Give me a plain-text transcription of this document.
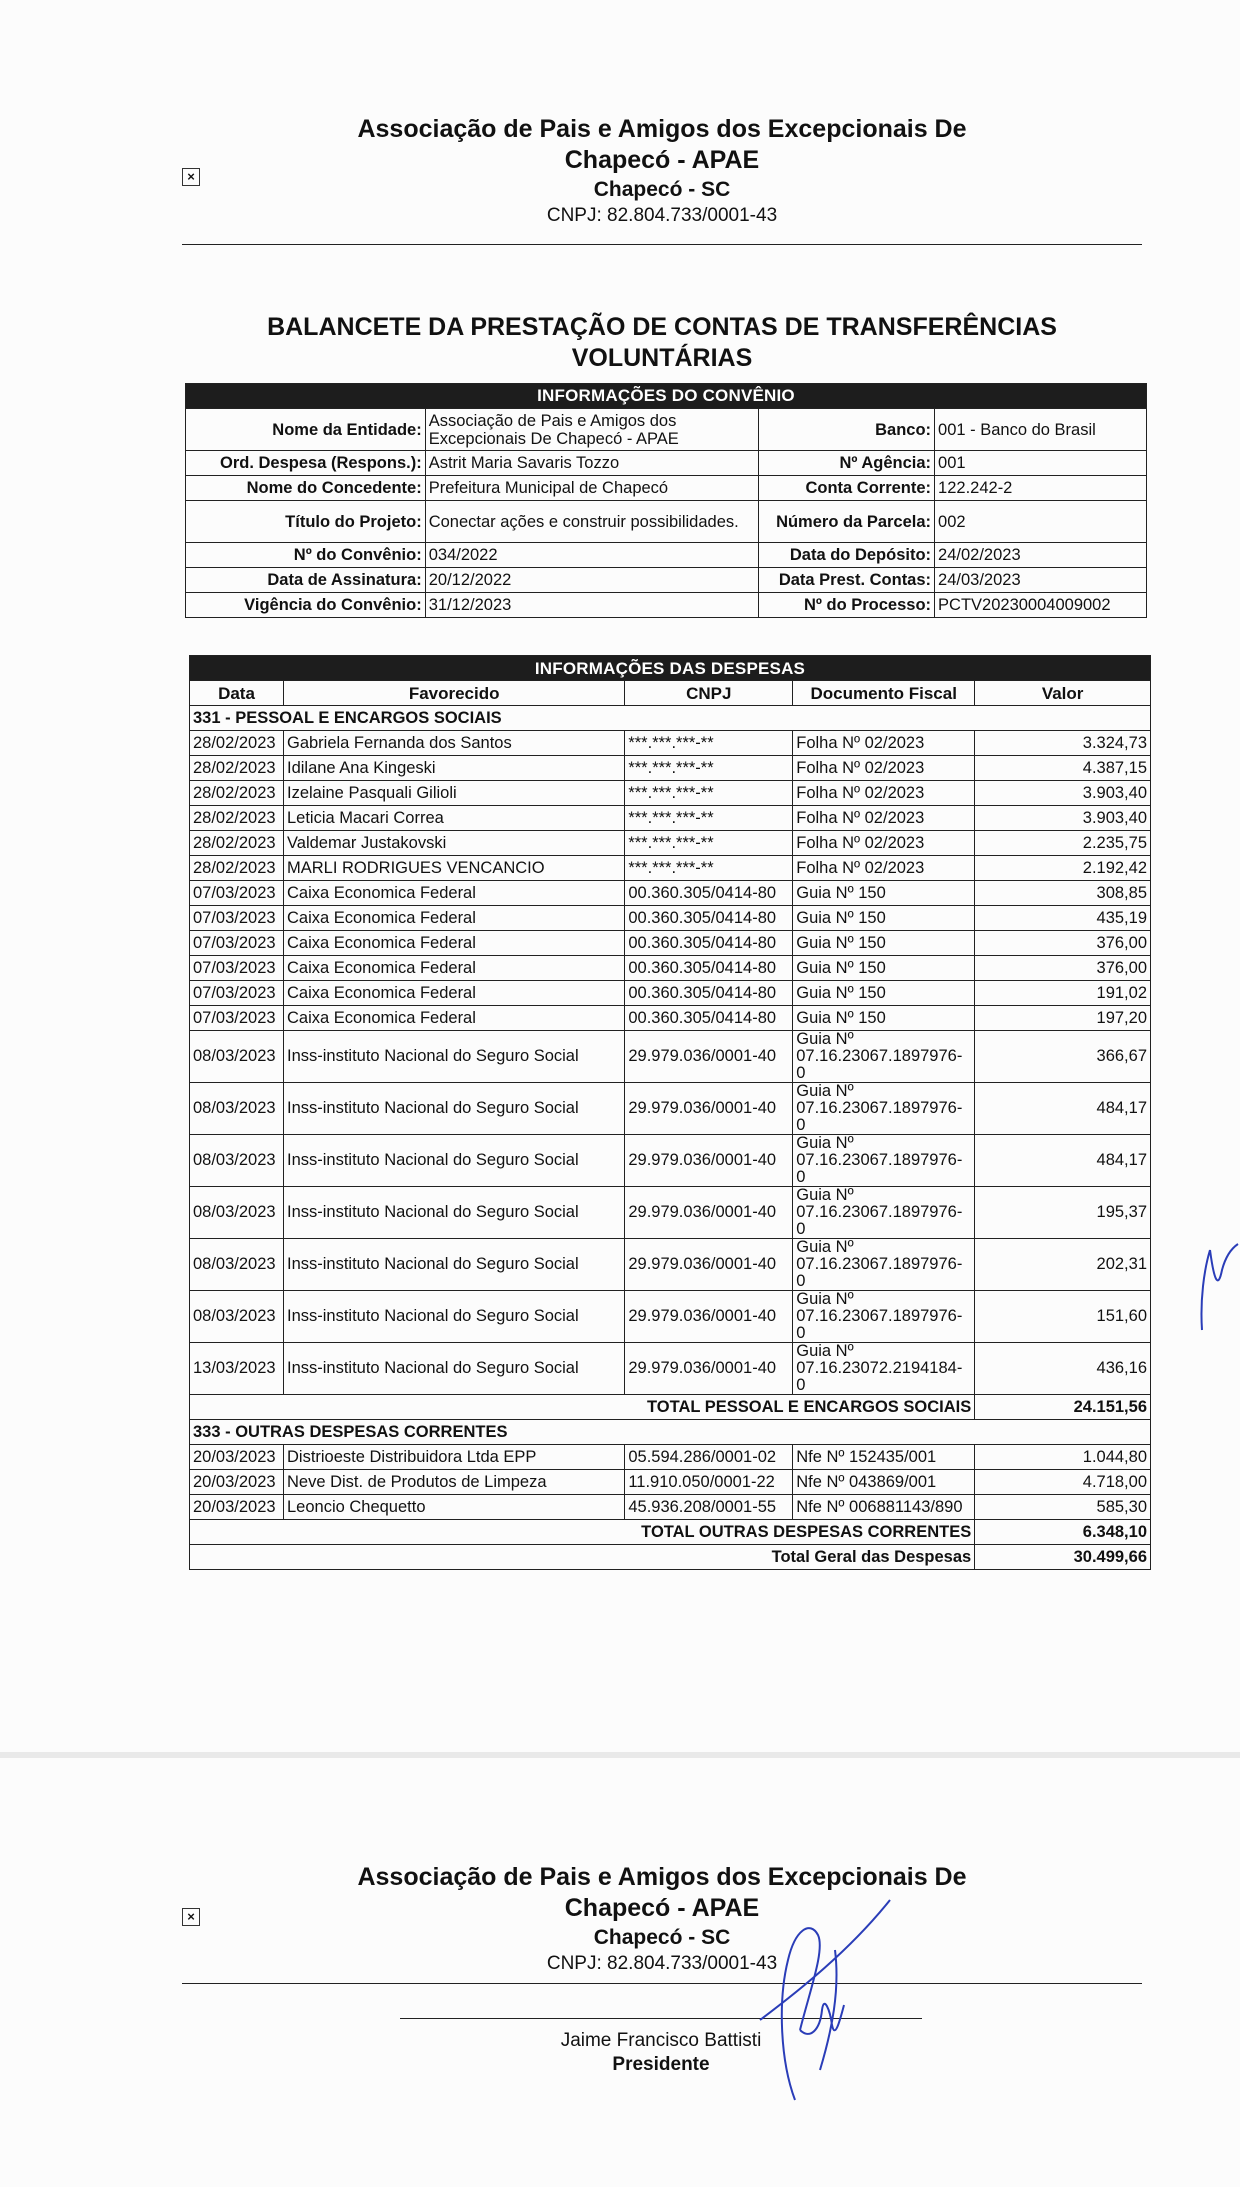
×
Associação de Pais e Amigos dos Excepcionais De
Chapecó - APAE
Chapecó - SC
CNPJ: 82.804.733/0001-43
BALANCETE DA PRESTAÇÃO DE CONTAS DE TRANSFERÊNCIAS
VOLUNTÁRIAS
INFORMAÇÕES DO CONVÊNIO			
Nome da Entidade:	Associação de Pais e Amigos dos Excepcionais De Chapecó - APAE	Banco:	001 - Banco do Brasil
Ord. Despesa (Respons.):	Astrit Maria Savaris Tozzo	Nº Agência:	001
Nome do Concedente:	Prefeitura Municipal de Chapecó	Conta Corrente:	122.242-2
Título do Projeto:	Conectar ações e construir possibilidades.	Número da Parcela:	002
Nº do Convênio:	034/2022	Data do Depósito:	24/02/2023
Data de Assinatura:	20/12/2022	Data Prest. Contas:	24/03/2023
Vigência do Convênio:	31/12/2023	Nº do Processo:	PCTV20230004009002
INFORMAÇÕES DAS DESPESAS				
Data	Favorecido	CNPJ	Documento Fiscal	Valor
331 - PESSOAL E ENCARGOS SOCIAIS				
28/02/2023	Gabriela Fernanda dos Santos	***.***.***-**	Folha Nº 02/2023	3.324,73
28/02/2023	Idilane Ana Kingeski	***.***.***-**	Folha Nº 02/2023	4.387,15
28/02/2023	Izelaine Pasquali Gilioli	***.***.***-**	Folha Nº 02/2023	3.903,40
28/02/2023	Leticia Macari Correa	***.***.***-**	Folha Nº 02/2023	3.903,40
28/02/2023	Valdemar Justakovski	***.***.***-**	Folha Nº 02/2023	2.235,75
28/02/2023	MARLI RODRIGUES VENCANCIO	***.***.***-**	Folha Nº 02/2023	2.192,42
07/03/2023	Caixa Economica Federal	00.360.305/0414-80	Guia Nº 150	308,85
07/03/2023	Caixa Economica Federal	00.360.305/0414-80	Guia Nº 150	435,19
07/03/2023	Caixa Economica Federal	00.360.305/0414-80	Guia Nº 150	376,00
07/03/2023	Caixa Economica Federal	00.360.305/0414-80	Guia Nº 150	376,00
07/03/2023	Caixa Economica Federal	00.360.305/0414-80	Guia Nº 150	191,02
07/03/2023	Caixa Economica Federal	00.360.305/0414-80	Guia Nº 150	197,20
08/03/2023	Inss-instituto Nacional do Seguro Social	29.979.036/0001-40	Guia Nº 07.16.23067.1897976-0	366,67
08/03/2023	Inss-instituto Nacional do Seguro Social	29.979.036/0001-40	Guia Nº 07.16.23067.1897976-0	484,17
08/03/2023	Inss-instituto Nacional do Seguro Social	29.979.036/0001-40	Guia Nº 07.16.23067.1897976-0	484,17
08/03/2023	Inss-instituto Nacional do Seguro Social	29.979.036/0001-40	Guia Nº 07.16.23067.1897976-0	195,37
08/03/2023	Inss-instituto Nacional do Seguro Social	29.979.036/0001-40	Guia Nº 07.16.23067.1897976-0	202,31
08/03/2023	Inss-instituto Nacional do Seguro Social	29.979.036/0001-40	Guia Nº 07.16.23067.1897976-0	151,60
13/03/2023	Inss-instituto Nacional do Seguro Social	29.979.036/0001-40	Guia Nº 07.16.23072.2194184-0	436,16
TOTAL PESSOAL E ENCARGOS SOCIAIS				24.151,56
333 - OUTRAS DESPESAS CORRENTES				
20/03/2023	Distrioeste Distribuidora Ltda EPP	05.594.286/0001-02	Nfe Nº 152435/001	1.044,80
20/03/2023	Neve Dist. de Produtos de Limpeza	11.910.050/0001-22	Nfe Nº 043869/001	4.718,00
20/03/2023	Leoncio Chequetto	45.936.208/0001-55	Nfe Nº 006881143/890	585,30
TOTAL OUTRAS DESPESAS CORRENTES				6.348,10
Total Geral das Despesas				30.499,66
×
Associação de Pais e Amigos dos Excepcionais De
Chapecó - APAE
Chapecó - SC
CNPJ: 82.804.733/0001-43
Jaime Francisco Battisti
Presidente
